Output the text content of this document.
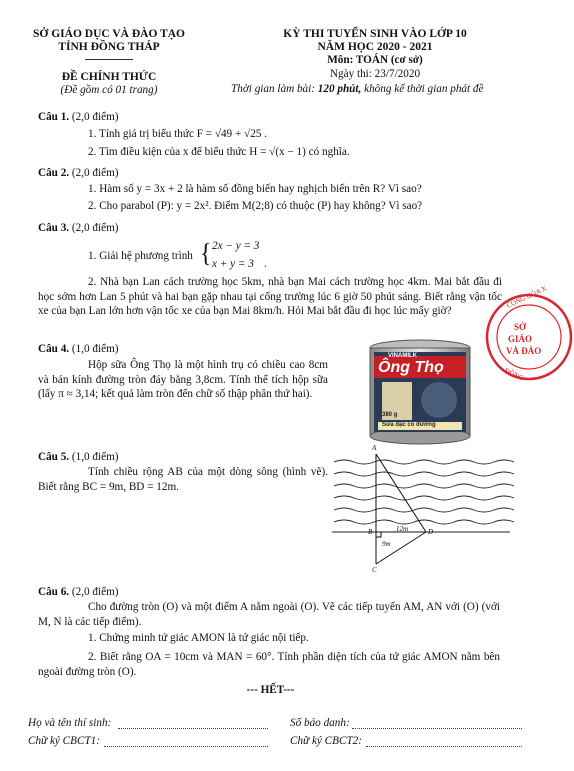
SỞ GIÁO DỤC VÀ ĐÀO TẠO
TỈNH ĐỒNG THÁP
ĐỀ CHÍNH THỨC
(Đề gồm có 01 trang)
KỲ THI TUYỂN SINH VÀO LỚP 10
NĂM HỌC 2020 - 2021
Môn: TOÁN (cơ sở)
Ngày thi: 23/7/2020
Thời gian làm bài: 120 phút, không kể thời gian phát đề
Câu 1. (2,0 điểm)
1. Tính giá trị biểu thức F = √49 + √25 .
2. Tìm điều kiện của x để biểu thức H = √(x − 1) có nghĩa.
Câu 2. (2,0 điểm)
1. Hàm số y = 3x + 2 là hàm số đồng biến hay nghịch biến trên R? Vì sao?
2. Cho parabol (P): y = 2x². Điểm M(2;8) có thuộc (P) hay không? Vì sao?
Câu 3. (2,0 điểm)
1. Giải hệ phương trình { 2x − y = 3
x + y = 3 .
2. Nhà bạn Lan cách trường học 5km, nhà bạn Mai cách trường học 4km. Mai bắt đầu đi học sớm hơn Lan 5 phút và hai bạn gặp nhau tại cổng trường lúc 6 giờ 50 phút sáng. Biết rằng vận tốc xe của bạn Lan lớn hơn vận tốc xe của bạn Mai 8km/h. Hỏi Mai bắt đầu đi học lúc mấy giờ?
CỘNG HÒA X
SỞ
GIÁO
VÀ ĐÀO
ĐỒNG
Câu 4. (1,0 điểm)
Hộp sữa Ông Thọ là một hình trụ có chiều cao 8cm và bán kính đường tròn đáy bằng 3,8cm. Tính thể tích hộp sữa (lấy π ≈ 3,14; kết quả làm tròn đến chữ số thập phân thứ hai).
VINAMILK
Ông Thọ
380 g
Sữa đặc có đường
Câu 5. (1,0 điểm)
Tính chiều rộng AB của một dòng sông (hình vẽ). Biết rằng BC = 9m, BD = 12m.
A
B
C
D
12m
9m
Câu 6. (2,0 điểm)
Cho đường tròn (O) và một điểm A nằm ngoài (O). Vẽ các tiếp tuyến AM, AN với (O) (với M, N là các tiếp điểm).
1. Chứng minh tứ giác AMON là tứ giác nội tiếp.
2. Biết rằng OA = 10cm và MAN = 60°. Tính phần diện tích của tứ giác AMON nằm bên ngoài đường tròn (O).
--- HẾT---
Họ và tên thí sinh:	Số báo danh:
Chữ ký CBCT1:	Chữ ký CBCT2:
